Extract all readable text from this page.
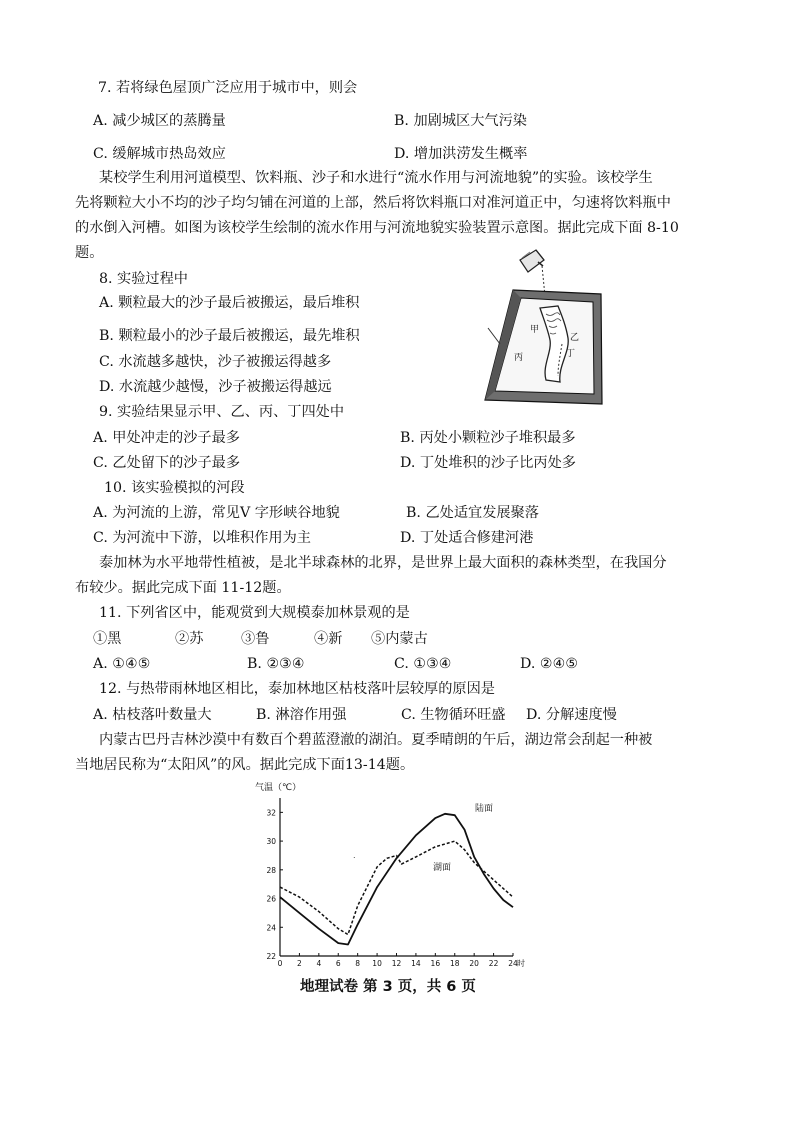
7. 若将绿色屋顶广泛应用于城市中，则会
A. 减少城区的蒸腾量	B. 加剧城区大气污染
C. 缓解城市热岛效应	D. 增加洪涝发生概率
某校学生利用河道模型、饮料瓶、沙子和水进行“流水作用与河流地貌”的实验。该校学生
先将颗粒大小不均的沙子均匀铺在河道的上部，然后将饮料瓶口对准河道正中，匀速将饮料瓶中
的水倒入河槽。如图为该校学生绘制的流水作用与河流地貌实验装置示意图。据此完成下面 8-10
题。
8. 实验过程中
A. 颗粒最大的沙子最后被搬运，最后堆积
B. 颗粒最小的沙子最后被搬运，最先堆积
C. 水流越多越快，沙子被搬运得越多
D. 水流越少越慢，沙子被搬运得越远
9. 实验结果显示甲、乙、丙、丁四处中
A. 甲处冲走的沙子最多	B. 丙处小颗粒沙子堆积最多
C. 乙处留下的沙子最多	D. 丁处堆积的沙子比丙处多
10. 该实验模拟的河段
A. 为河流的上游，常见V 字形峡谷地貌	B. 乙处适宜发展聚落
C. 为河流中下游，以堆积作用为主	D. 丁处适合修建河港
泰加林为水平地带性植被，是北半球森林的北界，是世界上最大面积的森林类型，在我国分
布较少。据此完成下面 11-12题。
11. 下列省区中，能观赏到大规模泰加林景观的是
①黑	②苏	③鲁	④新 ⑤内蒙古
A. ①④⑤	B. ②③④	C. ①③④	D. ②④⑤
12. 与热带雨林地区相比，泰加林地区枯枝落叶层较厚的原因是
A. 枯枝落叶数量大	B. 淋溶作用强	C. 生物循环旺盛 D. 分解速度慢
内蒙古巴丹吉林沙漠中有数百个碧蓝澄澈的湖泊。夏季晴朗的午后，湖边常会刮起一种被
当地居民称为“太阳风”的风。据此完成下面13-14题。
甲
乙
丙	丁
气温（℃）
22
24
26
28
30
32
0 2 4 6 8 10 12 14 16 18 20 22 24 时
陆面
湖面
.
地理试卷 第 3 页，共 6 页
